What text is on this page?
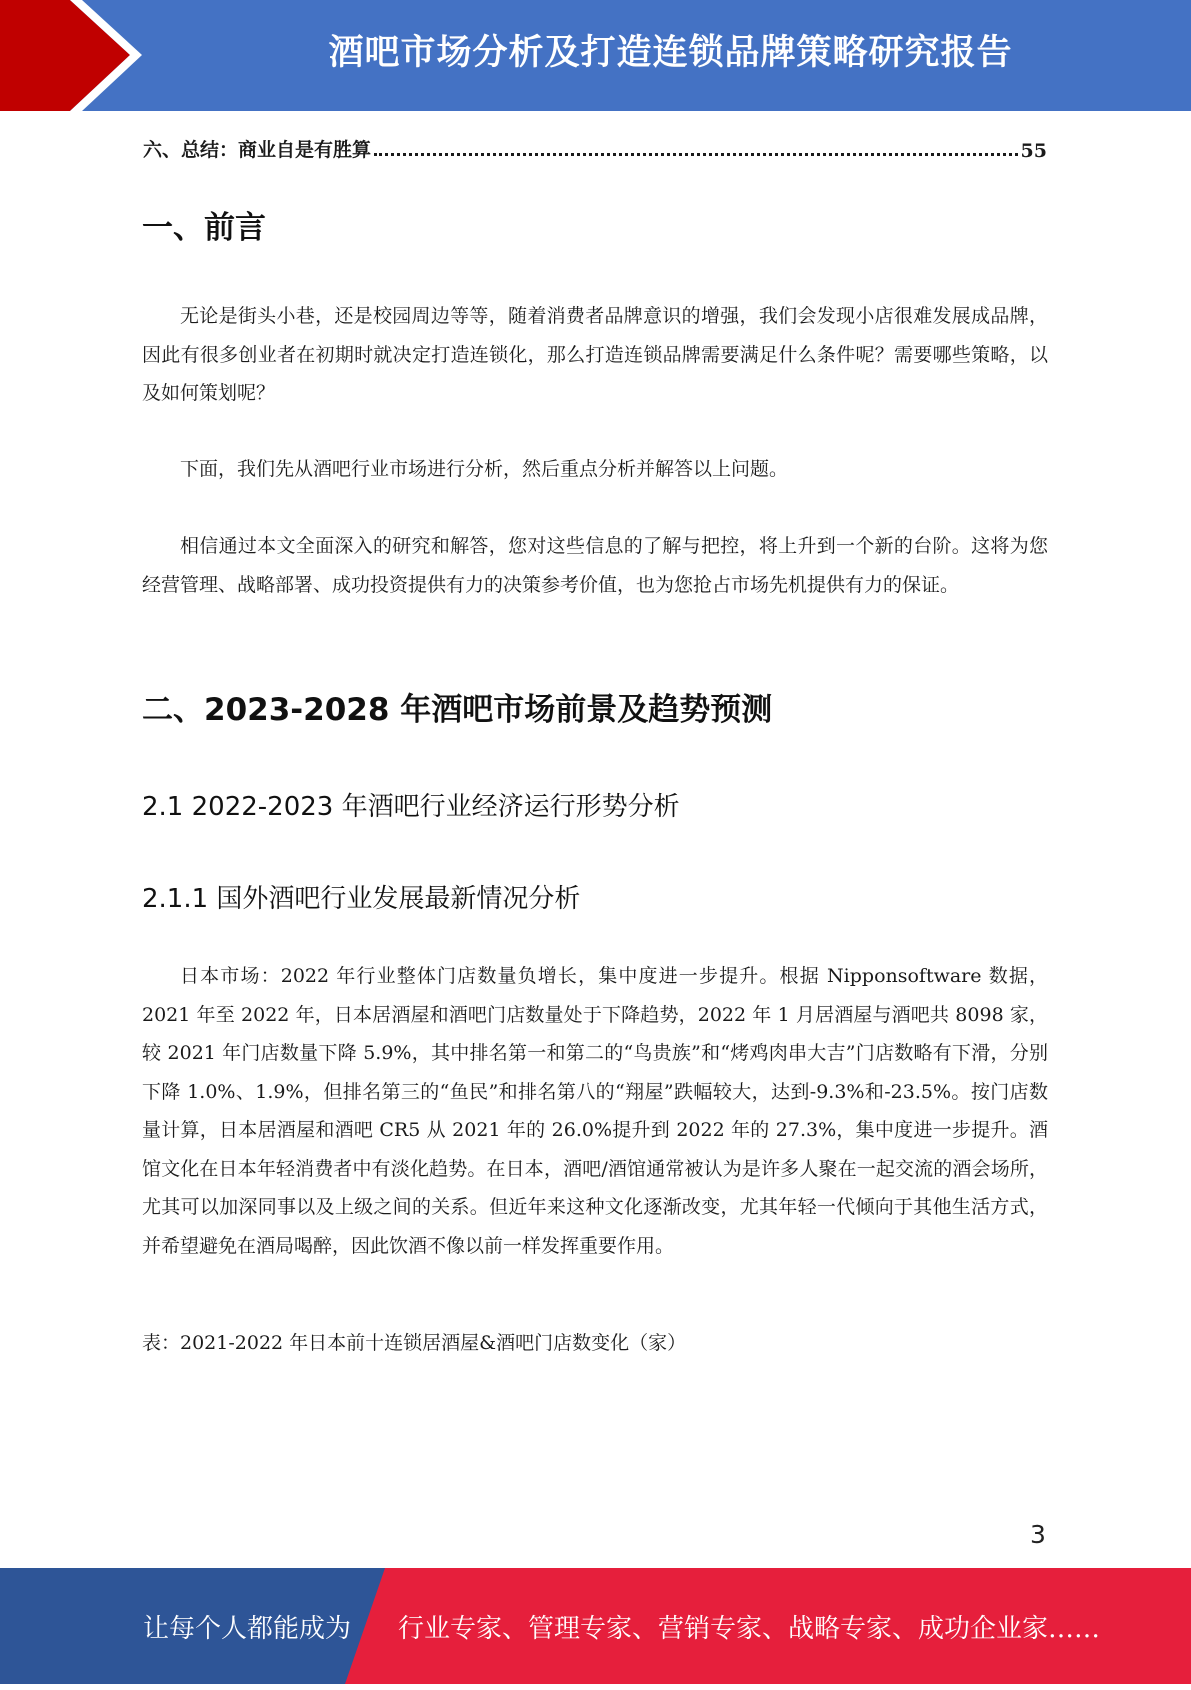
酒吧市场分析及打造连锁品牌策略研究报告
六、总结：商业自是有胜算	55
一、前言

无论是街头小巷，还是校园周边等等，随着消费者品牌意识的增强，我们会发现小店很难发展成品牌，因此有很多创业者在初期时就决定打造连锁化，那么打造连锁品牌需要满足什么条件呢？需要哪些策略，以及如何策划呢？

下面，我们先从酒吧行业市场进行分析，然后重点分析并解答以上问题。

相信通过本文全面深入的研究和解答，您对这些信息的了解与把控，将上升到一个新的台阶。这将为您经营管理、战略部署、成功投资提供有力的决策参考价值，也为您抢占市场先机提供有力的保证。

二、2023-2028 年酒吧市场前景及趋势预测
2.1 2022-2023 年酒吧行业经济运行形势分析
2.1.1 国外酒吧行业发展最新情况分析

日本市场：2022 年行业整体门店数量负增长，集中度进一步提升。根据 Nipponsoftware 数据，2021 年至 2022 年，日本居酒屋和酒吧门店数量处于下降趋势，2022 年 1 月居酒屋与酒吧共 8098 家，较 2021 年门店数量下降 5.9%，其中排名第一和第二的“鸟贵族”和“烤鸡肉串大吉”门店数略有下滑，分别下降 1.0%、1.9%，但排名第三的“鱼民”和排名第八的“翔屋”跌幅较大，达到-9.3%和-23.5%。按门店数量计算，日本居酒屋和酒吧 CR5 从 2021 年的 26.0%提升到 2022 年的 27.3%，集中度进一步提升。酒馆文化在日本年轻消费者中有淡化趋势。在日本，酒吧/酒馆通常被认为是许多人聚在一起交流的酒会场所，尤其可以加深同事以及上级之间的关系。但近年来这种文化逐渐改变，尤其年轻一代倾向于其他生活方式，并希望避免在酒局喝醉，因此饮酒不像以前一样发挥重要作用。

表：2021-2022 年日本前十连锁居酒屋&酒吧门店数变化（家）
3
让每个人都能成为 行业专家、管理专家、营销专家、战略专家、成功企业家……
